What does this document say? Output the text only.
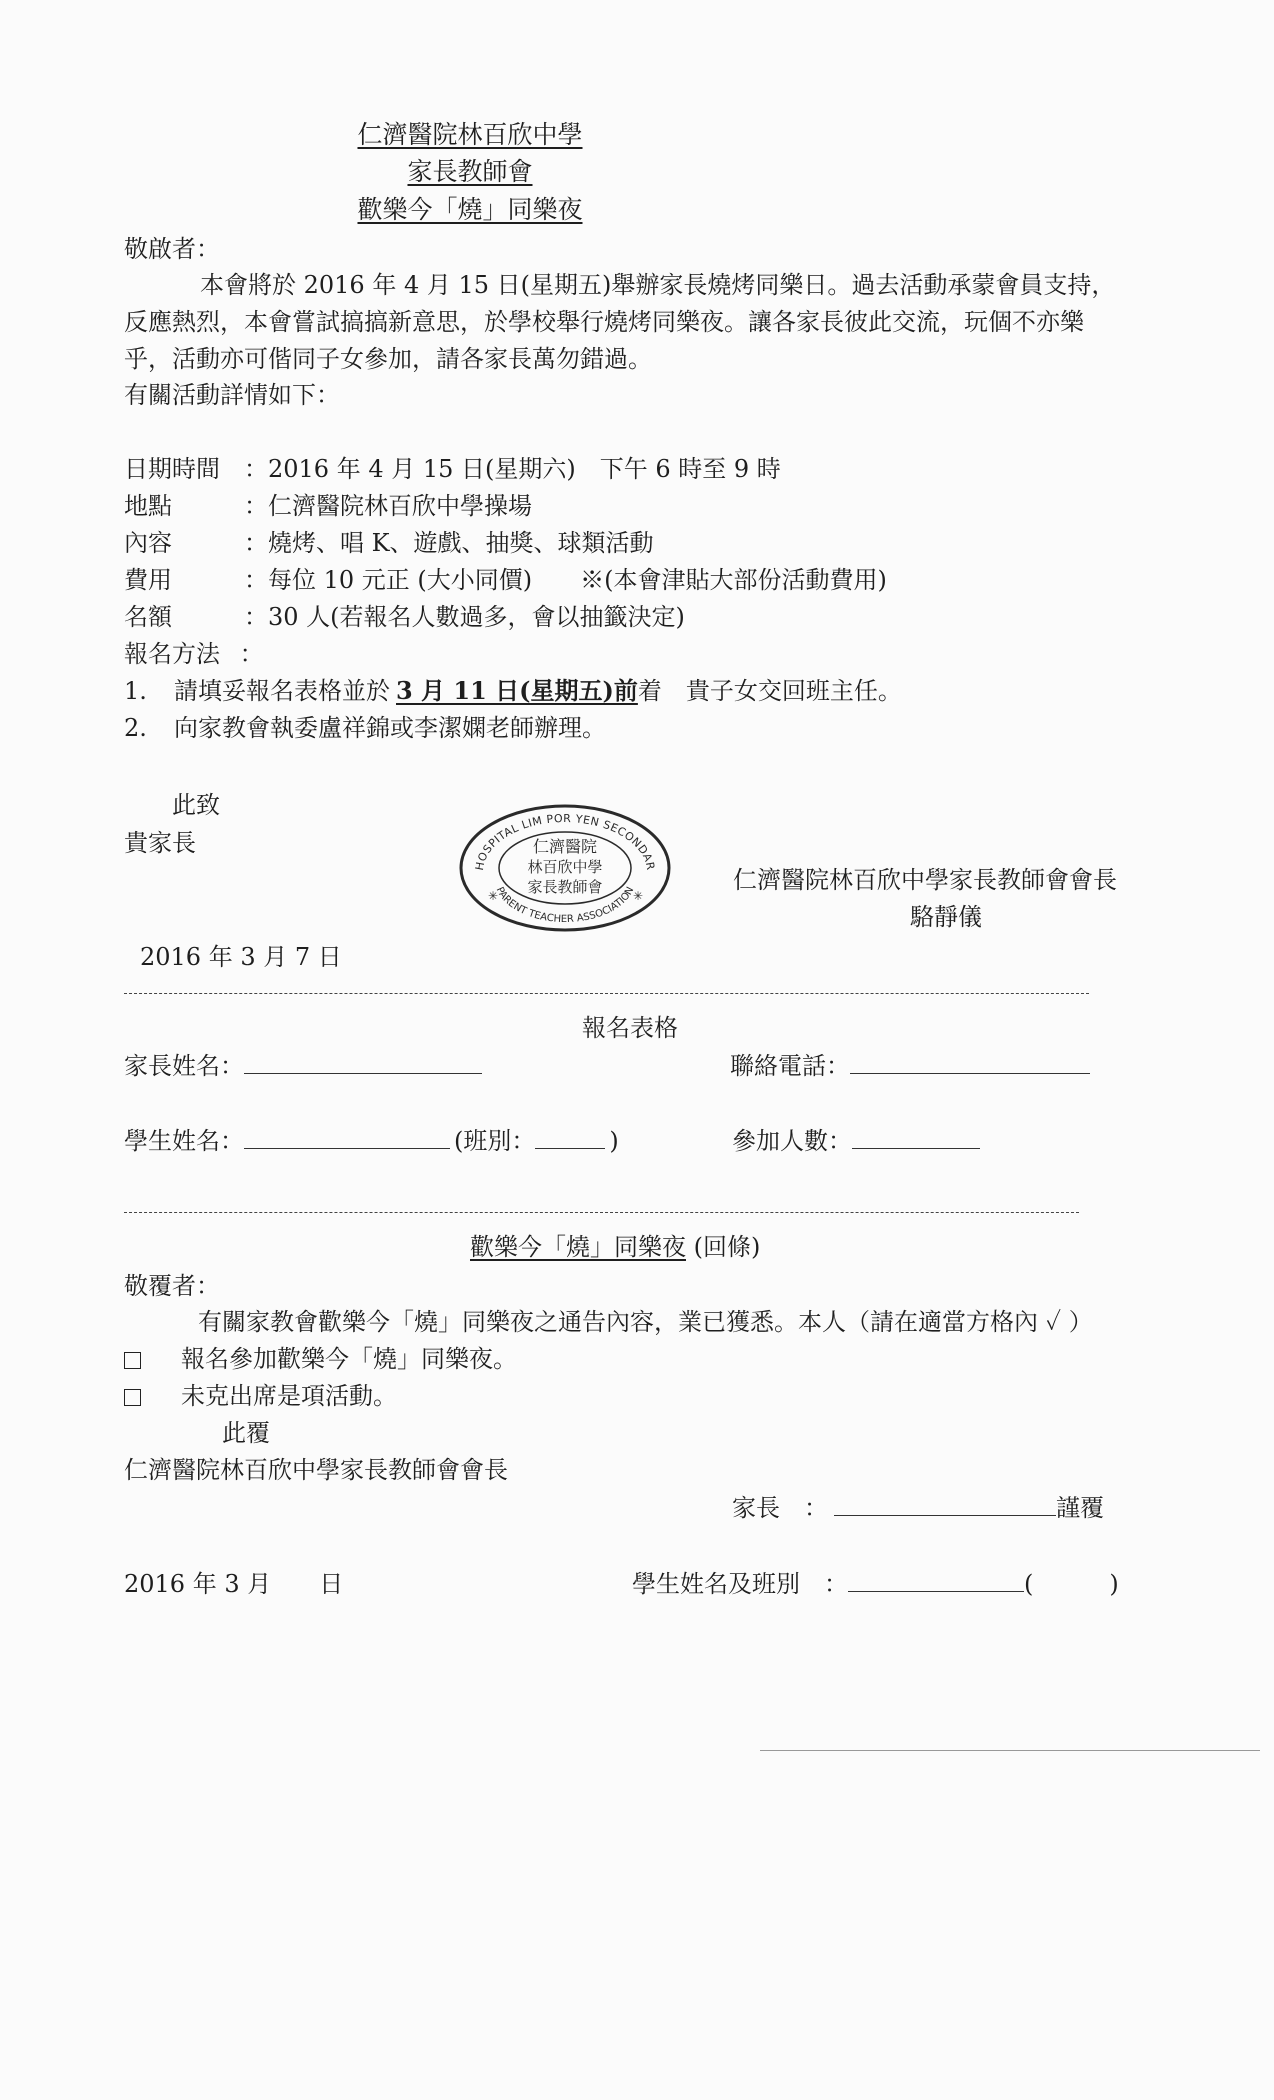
仁濟醫院林百欣中學
家長教師會
歡樂今「燒」同樂夜
敬啟者：
本會將於 2016 年 4 月 15 日(星期五)舉辦家長燒烤同樂日。過去活動承蒙會員支持，
反應熱烈，本會嘗試搞搞新意思，於學校舉行燒烤同樂夜。讓各家長彼此交流，玩個不亦樂
乎，活動亦可偕同子女參加，請各家長萬勿錯過。
有關活動詳情如下：
日期時間 ：2016 年 4 月 15 日(星期六)　下午 6 時至 9 時
地點	：仁濟醫院林百欣中學操場
內容	：燒烤、唱 K、遊戲、抽獎、球類活動
費用	：每位 10 元正 (大小同價)　　※(本會津貼大部份活動費用)
名額	：30 人(若報名人數過多，會以抽籤決定)
報名方法 ：
1. 請填妥報名表格並於 3 月 11 日(星期五)前着　貴子女交回班主任。
2. 向家教會執委盧祥錦或李潔嫻老師辦理。
此致
貴家長
HOSPITAL LIM POR YEN SECONDAR
PARENT TEACHER ASSOCIATION
仁濟醫院
林百欣中學
家長教師會
✳	✳
仁濟醫院林百欣中學家長教師會會長
駱靜儀
2016 年 3 月 7 日
報名表格
家長姓名：	聯絡電話：
學生姓名：	(班別：	)	參加人數：
歡樂今「燒」同樂夜 (回條)
敬覆者：
有關家教會歡樂今「燒」同樂夜之通告內容，業已獲悉。本人（請在適當方格內 ✓ ）
報名參加歡樂今「燒」同樂夜。
未克出席是項活動。
此覆
仁濟醫院林百欣中學家長教師會會長
家長　：	謹覆
2016 年 3 月　　日	學生姓名及班別　：	(	)
